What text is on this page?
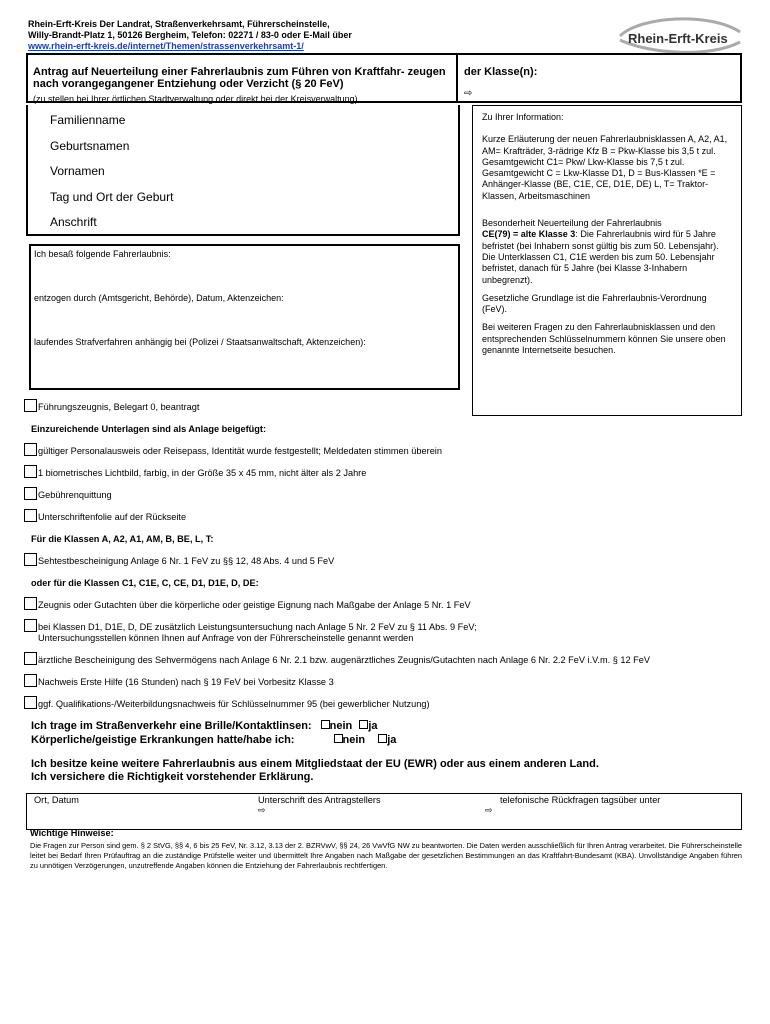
Rhein-Erft-Kreis Der Landrat, Straßenverkehrsamt, Führerscheinstelle,
Willy-Brandt-Platz 1, 50126 Bergheim, Telefon: 02271 / 83-0 oder E-Mail über
www.rhein-erft-kreis.de/internet/Themen/strassenverkehrsamt-1/	Rhein-Erft-Kreis
Antrag auf Neuerteilung einer Fahrerlaubnis zum Führen von Kraftfahr- zeugen nach vorangegangener Entziehung oder Verzicht (§ 20 FeV)
(zu stellen bei Ihrer örtlichen Stadtverwaltung oder direkt bei der Kreisverwaltung)
der Klasse(n):
⇨
Familienname
Geburtsnamen
Vornamen
Tag und Ort der Geburt
Anschrift

Zu Ihrer Information:

Kurze Erläuterung der neuen Fahrerlaubnisklassen A, A2, A1, AM= Krafträder, 3-rädrige Kfz B = Pkw-Klasse bis 3,5 t zul. Gesamtgewicht C1= Pkw/ Lkw-Klasse bis 7,5 t zul. Gesamtgewicht C = Lkw-Klasse D1, D = Bus-Klassen *E = Anhänger-Klasse (BE, C1E, CE, D1E, DE) L, T= Traktor-Klassen, Arbeitsmaschinen

Besonderheit Neuerteilung der Fahrerlaubnis
CE(79) = alte Klasse 3: Die Fahrerlaubnis wird für 5 Jahre befristet (bei Inhabern sonst gültig bis zum 50. Lebensjahr). Die Unterklassen C1, C1E werden bis zum 50. Lebensjahr befristet, danach für 5 Jahre (bei Klasse 3-Inhabern unbegrenzt).

Gesetzliche Grundlage ist die Fahrerlaubnis-Verordnung (FeV).

Bei weiteren Fragen zu den Fahrerlaubnisklassen und den entsprechenden Schlüsselnummern können Sie unsere oben genannte Internetseite besuchen.

Ich besaß folgende Fahrerlaubnis:
entzogen durch (Amtsgericht, Behörde), Datum, Aktenzeichen:
laufendes Strafverfahren anhängig bei (Polizei / Staatsanwaltschaft, Aktenzeichen):
Führungszeugnis, Belegart 0, beantragt
Einzureichende Unterlagen sind als Anlage beigefügt:
gültiger Personalausweis oder Reisepass, Identität wurde festgestellt; Meldedaten stimmen überein
1 biometrisches Lichtbild, farbig, in der Größe 35 x 45 mm, nicht älter als 2 Jahre
Gebührenquittung
Unterschriftenfolie auf der Rückseite
Für die Klassen A, A2, A1, AM, B, BE, L, T:
Sehtestbescheinigung Anlage 6 Nr. 1 FeV zu §§ 12, 48 Abs. 4 und 5 FeV
oder für die Klassen C1, C1E, C, CE, D1, D1E, D, DE:
Zeugnis oder Gutachten über die körperliche oder geistige Eignung nach Maßgabe der Anlage 5 Nr. 1 FeV
bei Klassen D1, D1E, D, DE zusätzlich Leistungsuntersuchung nach Anlage 5 Nr. 2 FeV zu § 11 Abs. 9 FeV;
Untersuchungsstellen können Ihnen auf Anfrage von der Führerscheinstelle genannt werden
ärztliche Bescheinigung des Sehvermögens nach Anlage 6 Nr. 2.1 bzw. augenärztliches Zeugnis/Gutachten nach Anlage 6 Nr. 2.2 FeV i.V.m. § 12 FeV
Nachweis Erste Hilfe (16 Stunden) nach § 19 FeV bei Vorbesitz Klasse 3
ggf. Qualifikations-/Weiterbildungsnachweis für Schlüsselnummer 95 (bei gewerblicher Nutzung)
Ich trage im Straßenverkehr eine Brille/Kontaktlinsen: nein ja
Körperliche/geistige Erkrankungen hatte/habe ich:	nein ja
Ich besitze keine weitere Fahrerlaubnis aus einem Mitgliedstaat der EU (EWR) oder aus einem anderen Land.
Ich versichere die Richtigkeit vorstehender Erklärung.
Ort, Datum	Unterschrift des Antragstellers
⇨
telefonische Rückfragen tagsüber unter
⇨
Wichtige Hinweise:
Die Fragen zur Person sind gem. § 2 StVG, §§ 4, 6 bis 25 FeV, Nr. 3.12, 3.13 der 2. BZRVwV, §§ 24, 26 VwVfG NW zu beantworten. Die Daten werden ausschließlich für Ihren Antrag verarbeitet. Die Führerscheinstelle leitet bei Bedarf Ihren Prüfauftrag an die zuständige Prüfstelle weiter und übermittelt Ihre Angaben nach Maßgabe der gesetzlichen Bestimmungen an das Kraftfahrt-Bundesamt (KBA). Unvollständige Angaben führen zu unnötigen Verzögerungen, unzutreffende Angaben können die Entziehung der Fahrerlaubnis rechtfertigen.
